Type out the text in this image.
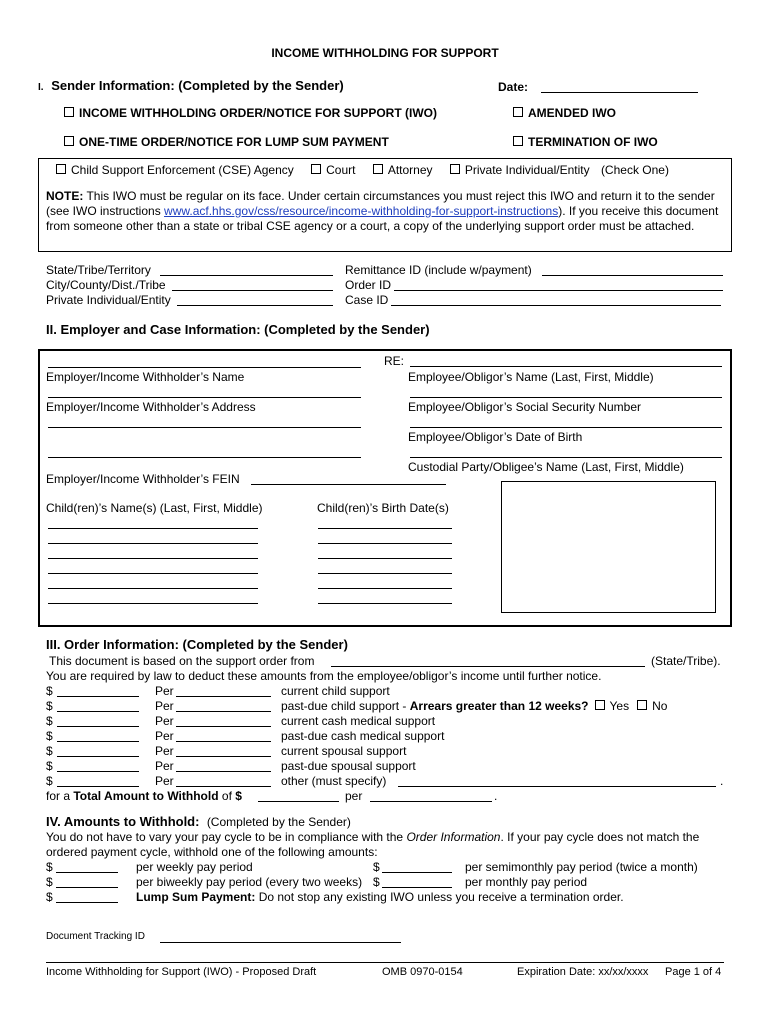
INCOME WITHHOLDING FOR SUPPORT
I. Sender Information: (Completed by the Sender)	Date:
INCOME WITHHOLDING ORDER/NOTICE FOR SUPPORT (IWO)	AMENDED IWO
ONE-TIME ORDER/NOTICE FOR LUMP SUM PAYMENT	TERMINATION OF IWO
Child Support Enforcement (CSE) Agency	Court	Attorney	Private Individual/Entity (Check One)
NOTE: This IWO must be regular on its face. Under certain circumstances you must reject this IWO and return it to the sender (see IWO instructions www.acf.hhs.gov/css/resource/income-withholding-for-support-instructions). If you receive this document from someone other than a state or tribal CSE agency or a court, a copy of the underlying support order must be attached.
State/Tribe/Territory
City/County/Dist./Tribe
Private Individual/Entity
Remittance ID (include w/payment)
Order ID
Case ID
II. Employer and Case Information: (Completed by the Sender)
Employer/Income Withholder’s Name
Employer/Income Withholder’s Address
Employer/Income Withholder’s FEIN
RE:
Employee/Obligor’s Name (Last, First, Middle)
Employee/Obligor’s Social Security Number
Employee/Obligor’s Date of Birth
Custodial Party/Obligee’s Name (Last, First, Middle)
Child(ren)’s Name(s) (Last, First, Middle)	Child(ren)’s Birth Date(s)
III. Order Information: (Completed by the Sender)
This document is based on the support order from	(State/Tribe).
You are required by law to deduct these amounts from the employee/obligor’s income until further notice.
$	Per	current child support
$	Per	past-due child support - Arrears greater than 12 weeks? Yes No
$	Per	current cash medical support
$	Per	past-due cash medical support
$	Per	current spousal support
$	Per	past-due spousal support
$	Per	other (must specify)	.
for a Total Amount to Withhold of $	per	.
IV. Amounts to Withhold: (Completed by the Sender)
You do not have to vary your pay cycle to be in compliance with the Order Information. If your pay cycle does not match the ordered payment cycle, withhold one of the following amounts:
$	per weekly pay period	$	per semimonthly pay period (twice a month)
$	per biweekly pay period (every two weeks) $	per monthly pay period
$	Lump Sum Payment: Do not stop any existing IWO unless you receive a termination order.
Document Tracking ID
Income Withholding for Support (IWO) - Proposed Draft	OMB 0970-0154	Expiration Date: xx/xx/xxxx Page 1 of 4
